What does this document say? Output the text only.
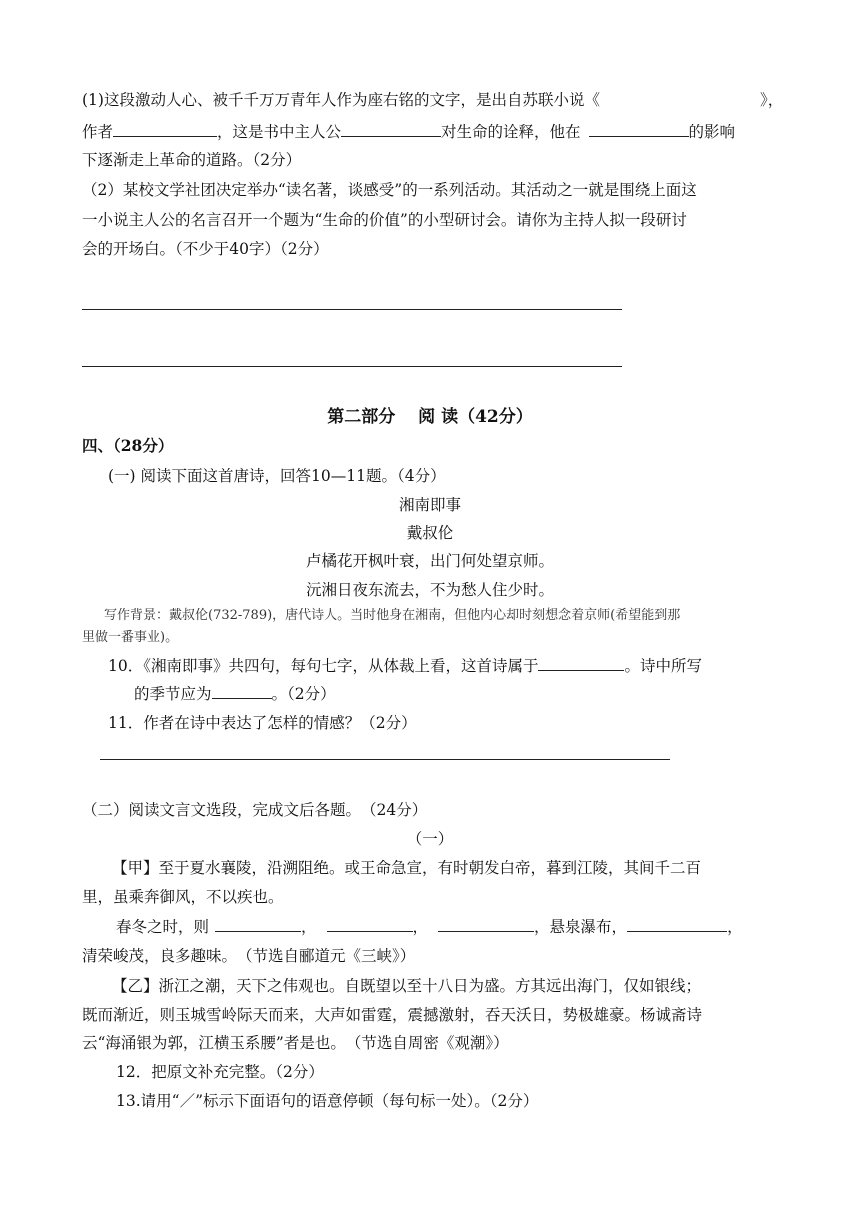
(1)这段激动人心、被千千万万青年人作为座右铭的文字，是出自苏联小说《	》，
作者	，这是书中主人公	对生命的诠释，他在	的影响
下逐渐走上革命的道路。（2分）
（2）某校文学社团决定举办“读名著，谈感受”的一系列活动。其活动之一就是围绕上面这
一小说主人公的名言召开一个题为“生命的价值”的小型研讨会。请你为主持人拟一段研讨
会的开场白。（不少于40字）（2分）
第二部分　 阅 读（42分）
四、（28分）
(一) 阅读下面这首唐诗，回答10—11题。（4分）
湘南即事
戴叔伦
卢橘花开枫叶衰，出门何处望京师。
沅湘日夜东流去，不为愁人住少时。
写作背景：戴叔伦(732-789)，唐代诗人。当时他身在湘南，但他内心却时刻想念着京师(希望能到那
里做一番事业)。
10．《湘南即事》共四句，每句七字，从体裁上看，这首诗属于	。诗中所写
的季节应为	。（2分）
11．作者在诗中表达了怎样的情感？（2分）
（二）阅读文言文选段，完成文后各题。　（24分）
（一）
【甲】至于夏水襄陵，沿溯阻绝。或王命急宣，有时朝发白帝，暮到江陵，其间千二百
里，虽乘奔御风，不以疾也。
春冬之时，则	，	，	，悬泉瀑布，	，
清荣峻茂，良多趣味。　（节选自郦道元《三峡》）
【乙】浙江之潮，天下之伟观也。自既望以至十八日为盛。方其远出海门，仅如银线；
既而渐近，则玉城雪岭际天而来，大声如雷霆，震撼激射，吞天沃日，势极雄豪。杨诚斋诗
云“海涌银为郭，江横玉系腰”者是也。　（节选自周密《观潮》）
12．把原文补充完整。（2分）
13.请用“／”标示下面语句的语意停顿（每句标一处）。（2分）
